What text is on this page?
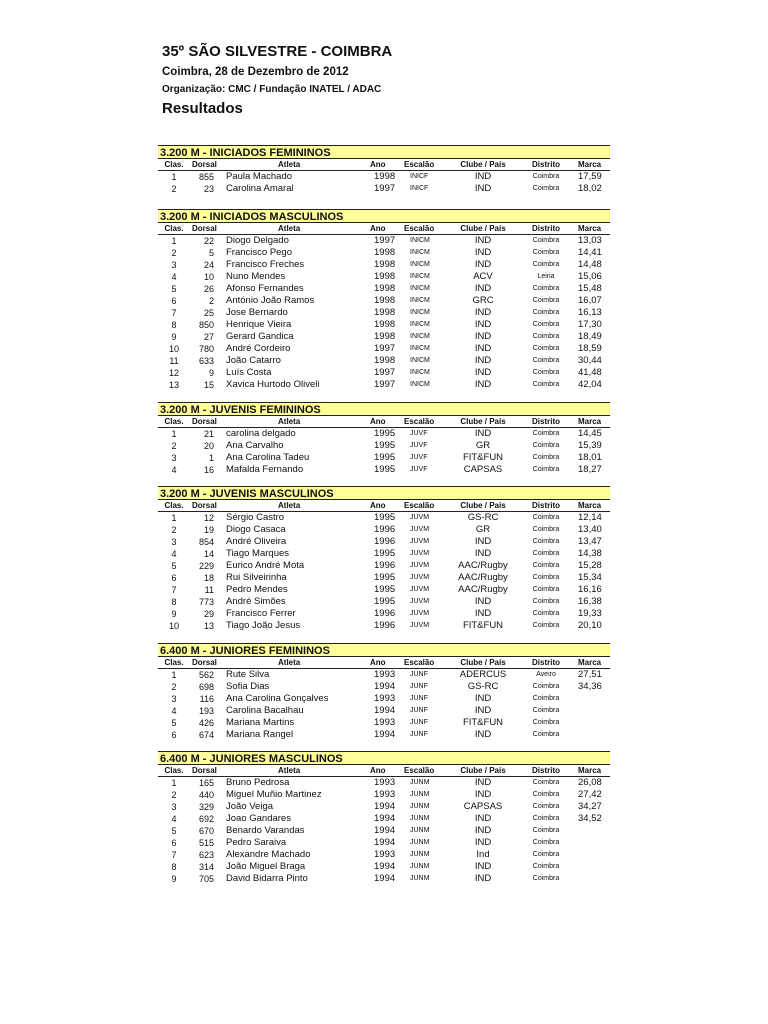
35º SÃO SILVESTRE - COIMBRA
Coimbra, 28 de Dezembro de 2012
Organização: CMC / Fundação INATEL / ADAC
Resultados
3.200 M - INICIADOS FEMININOS
Clas.	Dorsal	Atleta	Ano Escalão	Clube / País	Distrito	Marca
1	855 Paula Machado	1998 INICF	IND	Coimbra	17,59
2	23 Carolina Amaral	1997 INICF	IND	Coimbra	18,02
3.200 M - INICIADOS MASCULINOS
Clas.	Dorsal	Atleta	Ano Escalão	Clube / País	Distrito	Marca
1	22 Diogo Delgado	1997 INICM	IND	Coimbra	13,03
2	5 Francisco Pego	1998 INICM	IND	Coimbra	14,41
3	24 Francisco Freches	1998 INICM	IND	Coimbra	14,48
4	10 Nuno Mendes	1998 INICM	ACV	Leiria	15,06
5	26 Afonso Fernandes	1998 INICM	IND	Coimbra	15,48
6	2 António João Ramos	1998 INICM	GRC	Coimbra	16,07
7	25 Jose Bernardo	1998 INICM	IND	Coimbra	16,13
8	850 Henrique Vieira	1998 INICM	IND	Coimbra	17,30
9	27 Gerard Gandica	1998 INICM	IND	Coimbra	18,49
10	780 André Cordeiro	1997 INICM	IND	Coimbra	18,59
11	633 João Catarro	1998 INICM	IND	Coimbra	30,44
12	9 Luís Costa	1997 INICM	IND	Coimbra	41,48
13	15 Xavica Hurtodo Oliveli	1997 INICM	IND	Coimbra	42,04
3.200 M - JUVENIS FEMININOS
Clas.	Dorsal	Atleta	Ano Escalão	Clube / País	Distrito	Marca
1	21 carolina delgado	1995 JUVF	IND	Coimbra	14,45
2	20 Ana Carvalho	1995 JUVF	GR	Coimbra	15,39
3	1 Ana Carolina Tadeu	1995 JUVF	FIT&FUN	Coimbra	18,01
4	16 Mafalda Fernando	1995 JUVF	CAPSAS	Coimbra	18,27
3.200 M - JUVENIS MASCULINOS
Clas.	Dorsal	Atleta	Ano Escalão	Clube / País	Distrito	Marca
1	12 Sérgio Castro	1995 JUVM	GS-RC	Coimbra	12,14
2	19 Diogo Casaca	1996 JUVM	GR	Coimbra	13,40
3	854 André Oliveira	1996 JUVM	IND	Coimbra	13,47
4	14 Tiago Marques	1995 JUVM	IND	Coimbra	14,38
5	229 Eurico André Mota	1996 JUVM	AAC/Rugby	Coimbra	15,28
6	18 Rui Silveirinha	1995 JUVM	AAC/Rugby	Coimbra	15,34
7	11 Pedro Mendes	1995 JUVM	AAC/Rugby	Coimbra	16,16
8	773 André Simões	1995 JUVM	IND	Coimbra	16,38
9	29 Francisco Ferrer	1996 JUVM	IND	Coimbra	19,33
10	13 Tiago João Jesus	1996 JUVM	FIT&FUN	Coimbra	20,10
6.400 M - JUNIORES FEMININOS
Clas.	Dorsal	Atleta	Ano Escalão	Clube / País	Distrito	Marca
1	562 Rute Silva	1993 JUNF	ADERCUS	Aveiro	27,51
2	698 Sofia Dias	1994 JUNF	GS-RC	Coimbra	34,36
3	116 Ana Carolina Gonçalves	1993 JUNF	IND	Coimbra
4	193 Carolina Bacalhau	1994 JUNF	IND	Coimbra
5	426 Mariana Martins	1993 JUNF	FIT&FUN	Coimbra
6	674 Mariana Rangel	1994 JUNF	IND	Coimbra
6.400 M - JUNIORES MASCULINOS
Clas.	Dorsal	Atleta	Ano Escalão	Clube / País	Distrito	Marca
1	165 Bruno Pedrosa	1993 JUNM	IND	Coimbra	26,08
2	440 Miguel Muñio Martinez	1993 JUNM	IND	Coimbra	27,42
3	329 João Veiga	1994 JUNM	CAPSAS	Coimbra	34,27
4	692 Joao Gandares	1994 JUNM	IND	Coimbra	34,52
5	670 Benardo Varandas	1994 JUNM	IND	Coimbra
6	515 Pedro Saraiva	1994 JUNM	IND	Coimbra
7	623 Alexandre Machado	1993 JUNM	Ind	Coimbra
8	314 João Miguel Braga	1994 JUNM	IND	Coimbra
9	705 David Bidarra Pinto	1994 JUNM	IND	Coimbra
